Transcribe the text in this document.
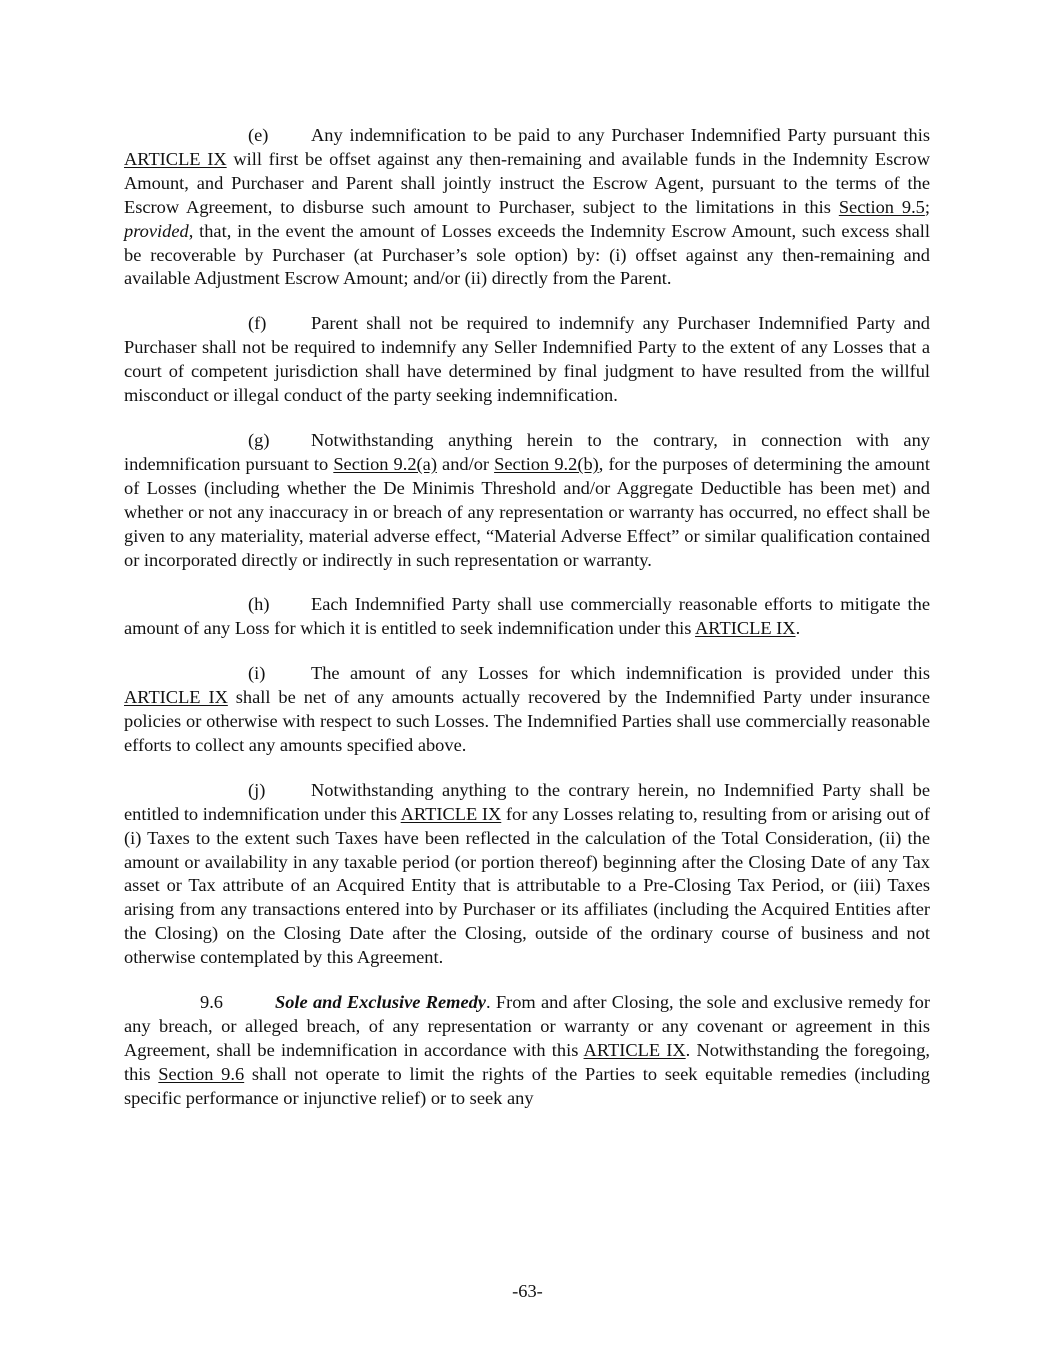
(e) Any indemnification to be paid to any Purchaser Indemnified Party pursuant this ARTICLE IX will first be offset against any then-remaining and available funds in the Indemnity Escrow Amount, and Purchaser and Parent shall jointly instruct the Escrow Agent, pursuant to the terms of the Escrow Agreement, to disburse such amount to Purchaser, subject to the limitations in this Section 9.5; provided, that, in the event the amount of Losses exceeds the Indemnity Escrow Amount, such excess shall be recoverable by Purchaser (at Purchaser’s sole option) by: (i) offset against any then-remaining and available Adjustment Escrow Amount; and/or (ii) directly from the Parent.

(f) Parent shall not be required to indemnify any Purchaser Indemnified Party and Purchaser shall not be required to indemnify any Seller Indemnified Party to the extent of any Losses that a court of competent jurisdiction shall have determined by final judgment to have resulted from the willful misconduct or illegal conduct of the party seeking indemnification.

(g) Notwithstanding anything herein to the contrary, in connection with any indemnification pursuant to Section 9.2(a) and/or Section 9.2(b), for the purposes of determining the amount of Losses (including whether the De Minimis Threshold and/or Aggregate Deductible has been met) and whether or not any inaccuracy in or breach of any representation or warranty has occurred, no effect shall be given to any materiality, material adverse effect, “Material Adverse Effect” or similar qualification contained or incorporated directly or indirectly in such representation or warranty.

(h) Each Indemnified Party shall use commercially reasonable efforts to mitigate the amount of any Loss for which it is entitled to seek indemnification under this ARTICLE IX.

(i) The amount of any Losses for which indemnification is provided under this ARTICLE IX shall be net of any amounts actually recovered by the Indemnified Party under insurance policies or otherwise with respect to such Losses. The Indemnified Parties shall use commercially reasonable efforts to collect any amounts specified above.

(j) Notwithstanding anything to the contrary herein, no Indemnified Party shall be entitled to indemnification under this ARTICLE IX for any Losses relating to, resulting from or arising out of (i) Taxes to the extent such Taxes have been reflected in the calculation of the Total Consideration, (ii) the amount or availability in any taxable period (or portion thereof) beginning after the Closing Date of any Tax asset or Tax attribute of an Acquired Entity that is attributable to a Pre-Closing Tax Period, or (iii) Taxes arising from any transactions entered into by Purchaser or its affiliates (including the Acquired Entities after the Closing) on the Closing Date after the Closing, outside of the ordinary course of business and not otherwise contemplated by this Agreement.

9.6	Sole and Exclusive Remedy. From and after Closing, the sole and exclusive remedy for any breach, or alleged breach, of any representation or warranty or any covenant or agreement in this Agreement, shall be indemnification in accordance with this ARTICLE IX. Notwithstanding the foregoing, this Section 9.6 shall not operate to limit the rights of the Parties to seek equitable remedies (including specific performance or injunctive relief) or to seek any

-63-
